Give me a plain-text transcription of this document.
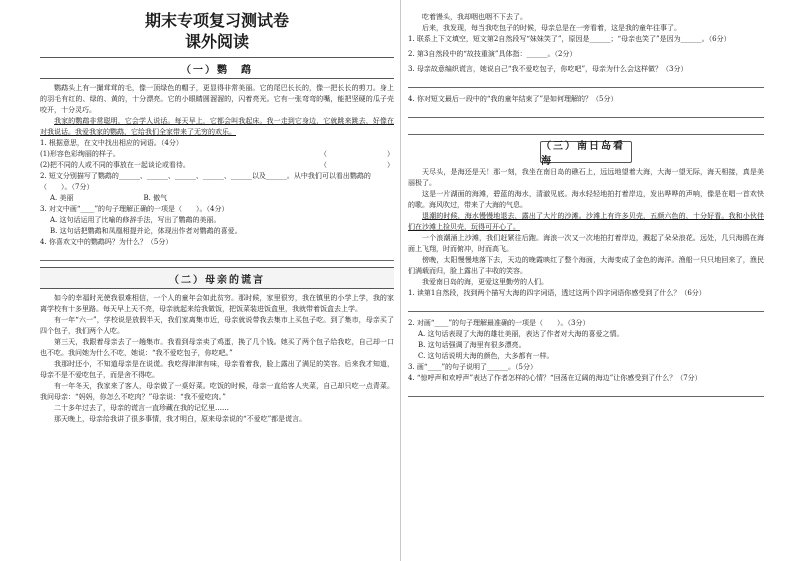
期末专项复习测试卷
课外阅读
（一）鹦　鹉

鹦鹉头上有一撮茸茸的毛，像一顶绿色的帽子，更显得非常美丽。它的尾巴长长的，像一把长长的剪刀。身上的羽毛有红的、绿的、黄的，十分漂亮。它的小眼睛圆溜溜的，闪着亮光。它有一张弯弯的嘴，能把坚硬的瓜子壳咬开，十分灵巧。

我家的鹦鹉非常聪明，它会学人说话。每天早上，它都会叫我起床。我一走到它身边，它就跳来跳去，好像在对我说话。我爱我家的鹦鹉，它给我们全家带来了无穷的欢乐。

1. 根据意思，在文中找出相应的词语。（4分）
(1)形容色彩绚丽的样子。	（	）
(2)把不同的人或不同的事放在一起谈论或看待。	（	）
2. 短文分别描写了鹦鹉的______、______、______、______、______以及______。从中我们可以看出鹦鹉的（　　）。（7分）
A. 美丽	B. 傲气
3. 对文中画“____”的句子理解正确的一项是（　　）。（4分）
A. 这句话运用了比喻的修辞手法，写出了鹦鹉的美丽。
B. 这句话把鹦鹉和凤凰相提并论，体现出作者对鹦鹉的喜爱。
4. 你喜欢文中的鹦鹉吗？为什么？（5分）
（二）母亲的谎言

如今的幸福时光使我很难相信，一个人的童年会如此贫穷。那时候，家里很穷，我在镇里的小学上学，我的家离学校有十多里路。每天早上天不亮，母亲就起来给我做饭，把饭菜装进饭盒里，我就带着饭盒去上学。

有一年“六一”，学校说是放假半天，我们家离集市近，母亲就说带我去集市上买包子吃。到了集市，母亲买了四个包子，我们两个人吃。

第三天，我跟着母亲去了一趟集市。我看到母亲卖了鸡蛋，换了几个钱。她买了两个包子给我吃，自己却一口也不吃。我问她为什么不吃，她说：“我不爱吃包子，你吃吧。”

我那时还小，不知道母亲是在说谎。我吃得津津有味，母亲看着我，脸上露出了满足的笑容。后来我才知道，母亲不是不爱吃包子，而是舍不得吃。

有一年冬天，我家来了客人，母亲做了一桌好菜。吃饭的时候，母亲一直给客人夹菜，自己却只吃一点青菜。我问母亲：“妈妈，你怎么不吃肉？”母亲说：“我不爱吃肉。”

二十多年过去了，母亲的谎言一直珍藏在我的记忆里……

那天晚上，母亲给我讲了很多事情，我才明白，原来母亲说的“不爱吃”都是谎言。

吃着馒头，我却咽也咽不下去了。

后来，我发现，每当我吃包子的时候，母亲总是在一旁看着，这是我的童年往事了。

1. 联系上下文填空，短文第2自然段写“妹妹笑了”，原因是______；“母亲也笑了”是因为______。（6分）
2. 第3自然段中的“故技重演”具体指：______。（2分）
3. 母亲故意编织谎言，她说自己“我不爱吃包子，你吃吧”，母亲为什么会这样做？（3分）
4. 你对短文最后一段中的“我的童年结束了”是如何理解的？（5分）
（三）南日岛看海

天尽头，是海还是天！那一刻，我坐在南日岛的礁石上，远远地望着大海，大海一望无际，海天相接，真是美丽极了。

这是一片湖面的海滩，碧蓝的海水，清澈见底。海水轻轻地拍打着岸边，发出哗哗的声响，像是在唱一首欢快的歌。海风吹过，带来了大海的气息。

退潮的时候，海水慢慢地退去，露出了大片的沙滩。沙滩上有许多贝壳，五颜六色的，十分好看。我和小伙伴们在沙滩上捡贝壳，玩得可开心了。

一个浪潮涌上沙滩，我们赶紧往后跑。海浪一次又一次地拍打着岸边，溅起了朵朵浪花。远处，几只海鸥在海面上飞翔，时而俯冲，时而高飞。

傍晚，太阳慢慢地落下去，天边的晚霞映红了整个海面，大海变成了金色的海洋。渔船一只只地回来了，渔民们满载而归，脸上露出了丰收的笑容。

我爱南日岛的海，更爱这里勤劳的人们。

1. 读第1自然段，找到两个描写大海的四字词语，透过这两个四字词语你感受到了什么？（6分）
2. 对画“____”的句子理解最准确的一项是（　　）。（3分）
A. 这句话表现了大海的雄壮美丽，表达了作者对大海的喜爱之情。
B. 这句话强调了海里有很多漂亮。
C. 这句话说明大海的颜色，大多都有一样。
3. 画“____”的句子说明了______。（5分）
4. “惊呼声和欢呼声”表达了作者怎样的心情？“回荡在辽阔的海边”让你感受到了什么？（7分）
